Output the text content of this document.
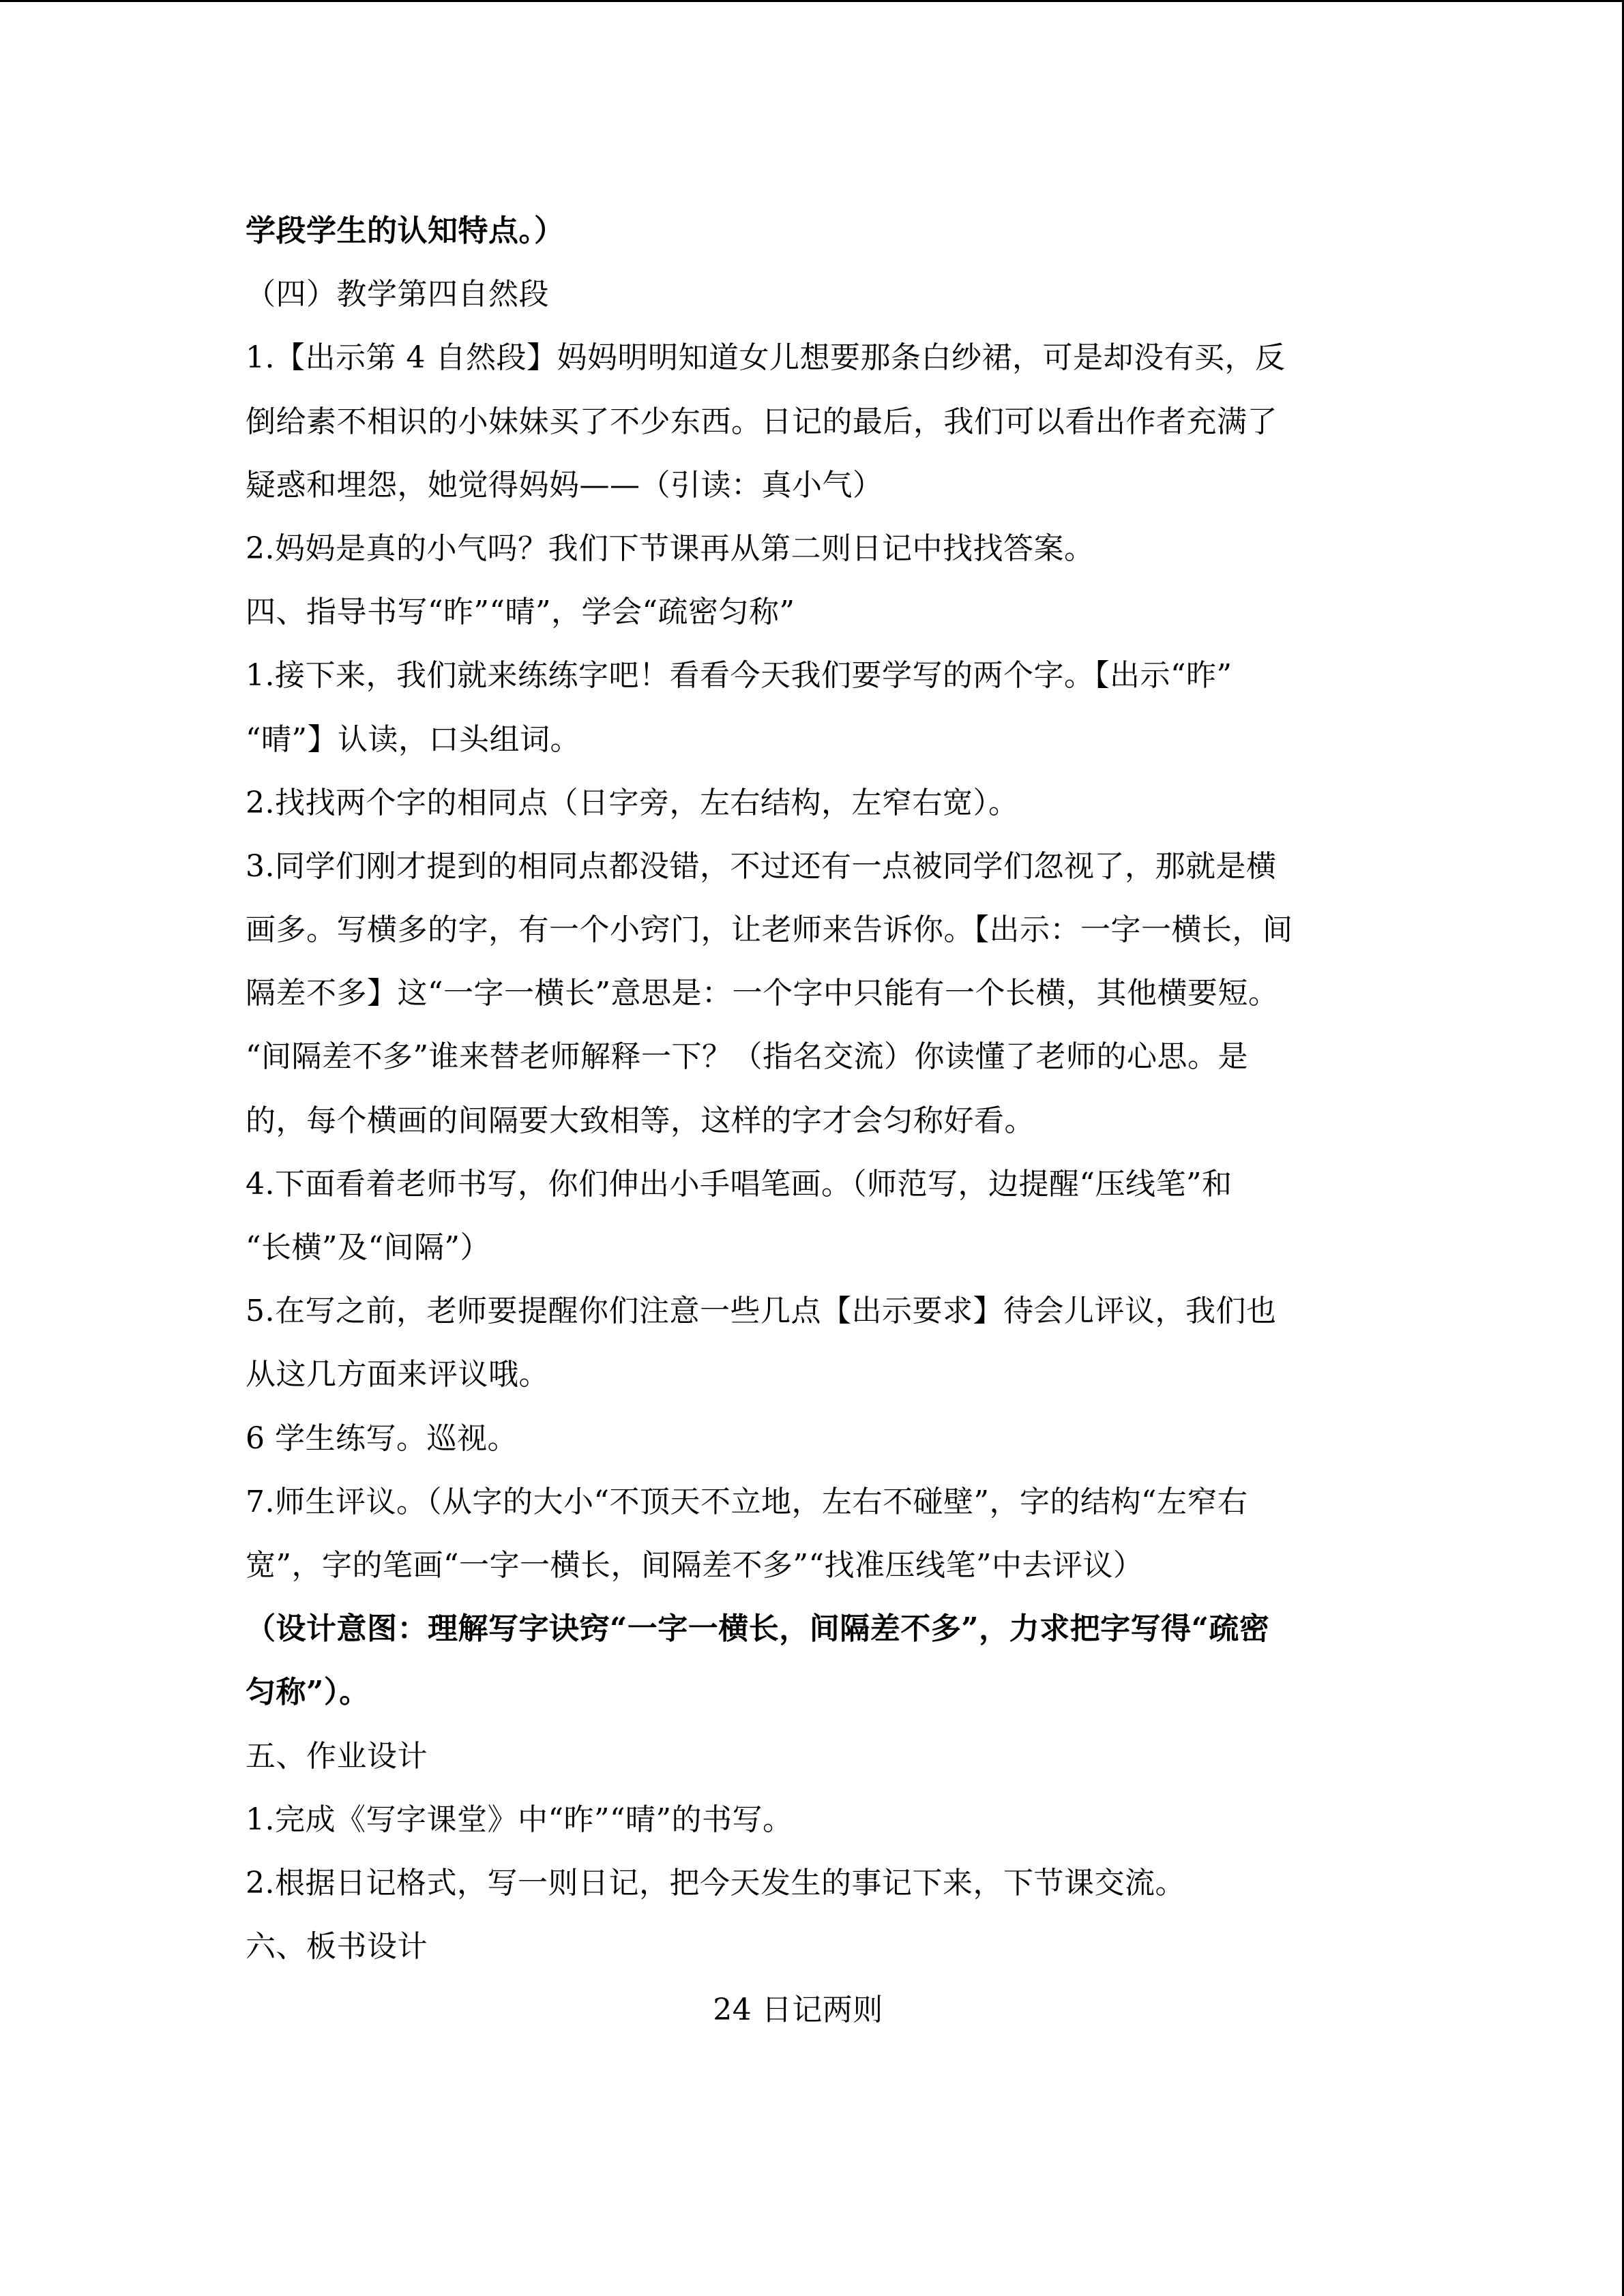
学段学生的认知特点。）
（四）教学第四自然段
1.【出示第 4 自然段】妈妈明明知道女儿想要那条白纱裙，可是却没有买，反
倒给素不相识的小妹妹买了不少东西。日记的最后，我们可以看出作者充满了
疑惑和埋怨，她觉得妈妈——（引读：真小气）
2.妈妈是真的小气吗？我们下节课再从第二则日记中找找答案。
四、指导书写“昨”“晴”，学会“疏密匀称”
1.接下来，我们就来练练字吧！看看今天我们要学写的两个字。【出示“昨”
“晴”】认读，口头组词。
2.找找两个字的相同点（日字旁，左右结构，左窄右宽）。
3.同学们刚才提到的相同点都没错，不过还有一点被同学们忽视了，那就是横
画多。写横多的字，有一个小窍门，让老师来告诉你。【出示：一字一横长，间
隔差不多】这“一字一横长”意思是：一个字中只能有一个长横，其他横要短。
“间隔差不多”谁来替老师解释一下？（指名交流）你读懂了老师的心思。是
的，每个横画的间隔要大致相等，这样的字才会匀称好看。
4.下面看着老师书写，你们伸出小手唱笔画。（师范写，边提醒“压线笔”和
“长横”及“间隔”）
5.在写之前，老师要提醒你们注意一些几点【出示要求】待会儿评议，我们也
从这几方面来评议哦。
6 学生练写。巡视。
7.师生评议。（从字的大小“不顶天不立地，左右不碰壁”，字的结构“左窄右
宽”，字的笔画“一字一横长，间隔差不多”“找准压线笔”中去评议）
（设计意图：理解写字诀窍“一字一横长，间隔差不多”，力求把字写得“疏密
匀称”）。
五、作业设计
1.完成《写字课堂》中“昨”“晴”的书写。
2.根据日记格式，写一则日记，把今天发生的事记下来，下节课交流。
六、板书设计
24 日记两则
